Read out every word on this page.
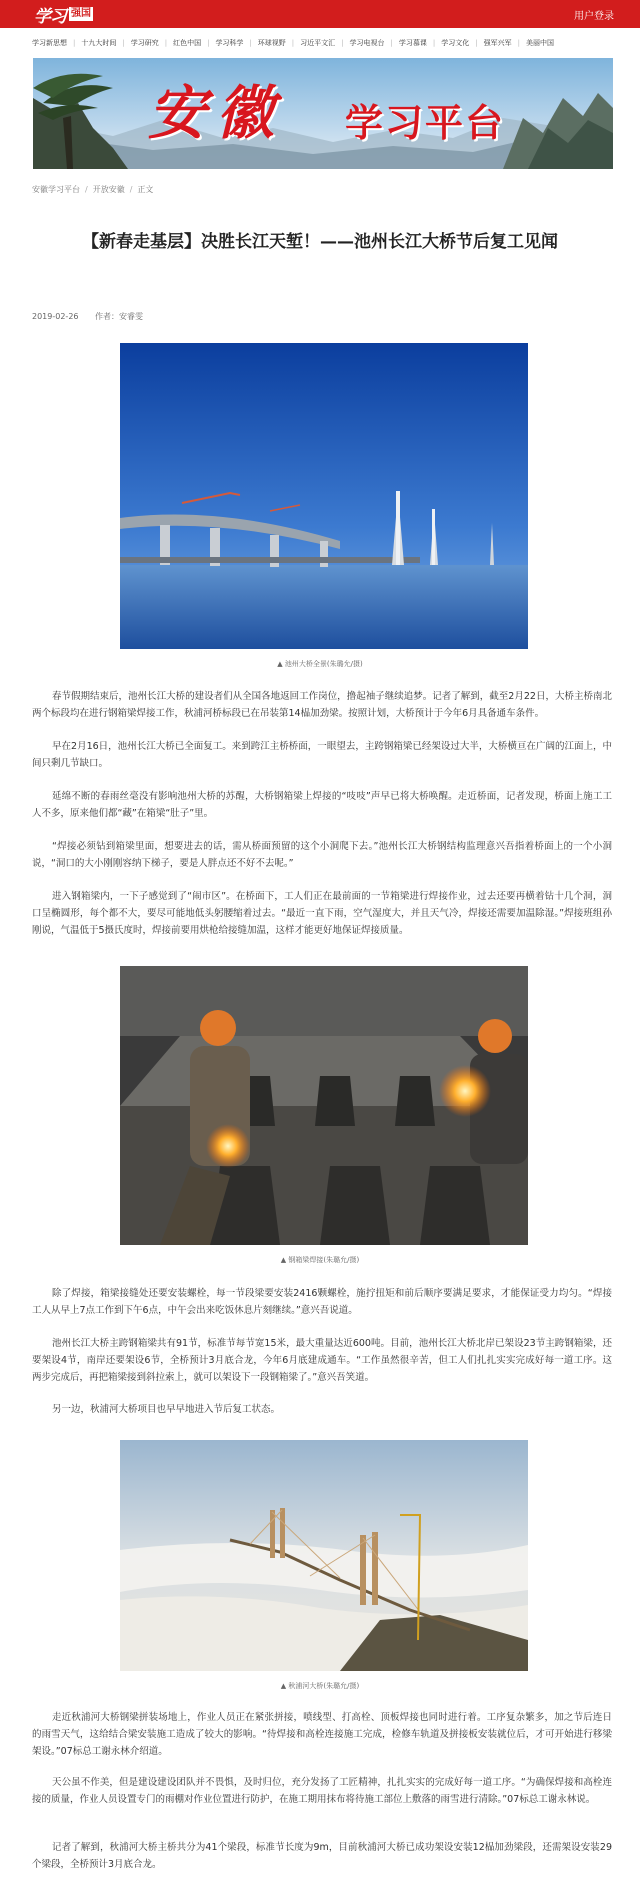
学习 强国	用户登录
学习新思想 | 十九大时间 | 学习研究 | 红色中国 | 学习科学 | 环球视野 | 习近平文汇 | 学习电视台 | 学习慕课 | 学习文化 | 强军兴军 | 美丽中国
安徽 学习平台
安徽学习平台 / 开放安徽 / 正文
【新春走基层】决胜长江天堑！——池州长江大桥节后复工见闻
2019-02-26 作者：安睿雯
▲ 池州大桥全景(朱璐允/摄)
春节假期结束后，池州长江大桥的建设者们从全国各地返回工作岗位，撸起袖子继续追梦。记者了解到，截至2月22日，大桥主桥南北两个标段均在进行钢箱梁焊接工作，秋浦河桥标段已在吊装第14榀加劲梁。按照计划，大桥预计于今年6月具备通车条件。
早在2月16日，池州长江大桥已全面复工。来到跨江主桥桥面，一眼望去，主跨钢箱梁已经架设过大半，大桥横亘在广阔的江面上，中间只剩几节缺口。
延绵不断的春雨丝毫没有影响池州大桥的苏醒，大桥钢箱梁上焊接的“吱吱”声早已将大桥唤醒。走近桥面，记者发现，桥面上施工工人不多，原来他们都“藏”在箱梁“肚子”里。
“焊接必须钻到箱梁里面，想要进去的话，需从桥面预留的这个小洞爬下去。”池州长江大桥钢结构监理意兴吾指着桥面上的一个小洞说，“洞口的大小刚刚容纳下梯子，要是人胖点还不好不去呢。”
进入钢箱梁内，一下子感觉到了“闹市区”。在桥面下，工人们正在最前面的一节箱梁进行焊接作业，过去还要再横着钻十几个洞，洞口呈椭圆形，每个都不大，要尽可能地低头躬腰缩着过去。“最近一直下雨，空气湿度大，并且天气冷，焊接还需要加温除湿。”焊接班组孙刚说，气温低于5摄氏度时，焊接前要用烘枪给接缝加温，这样才能更好地保证焊接质量。
▲ 钢箱梁焊接(朱璐允/摄)
除了焊接，箱梁接缝处还要安装螺栓，每一节段梁要安装2416颗螺栓，施拧扭矩和前后顺序要满足要求，才能保证受力均匀。“焊接工人从早上7点工作到下午6点，中午会出来吃饭休息片刻继续。”意兴吾说道。
池州长江大桥主跨钢箱梁共有91节，标准节每节宽15米，最大重量达近600吨。目前，池州长江大桥北岸已架设23节主跨钢箱梁，还要架设4节，南岸还要架设6节，全桥预计3月底合龙，今年6月底建成通车。“工作虽然很辛苦，但工人们扎扎实实完成好每一道工序。这两步完成后，再把箱梁接到斜拉索上，就可以架设下一段钢箱梁了。”意兴吾笑道。
另一边，秋浦河大桥项目也早早地进入节后复工状态。
▲ 秋浦河大桥(朱璐允/摄)
走近秋浦河大桥钢梁拼装场地上，作业人员正在紧张拼接，喷线型、打高栓、顶板焊接也同时进行着。工序复杂繁多，加之节后连日的雨雪天气，这给结合梁安装施工造成了较大的影响。“待焊接和高栓连接施工完成，检修车轨道及拼接板安装就位后，才可开始进行移梁架设。”07标总工谢永林介绍道。
天公虽不作美，但是建设建设团队并不畏惧，及时归位，充分发扬了工匠精神，扎扎实实的完成好每一道工序。“为确保焊接和高栓连接的质量，作业人员设置专门的雨棚对作业位置进行防护，在施工期用抹布将待施工部位上敷落的雨雪进行清除。”07标总工谢永林说。
记者了解到，秋浦河大桥主桥共分为41个梁段，标准节长度为9m，目前秋浦河大桥已成功架设安装12榀加劲梁段，还需架设安装29个梁段，全桥预计3月底合龙。
